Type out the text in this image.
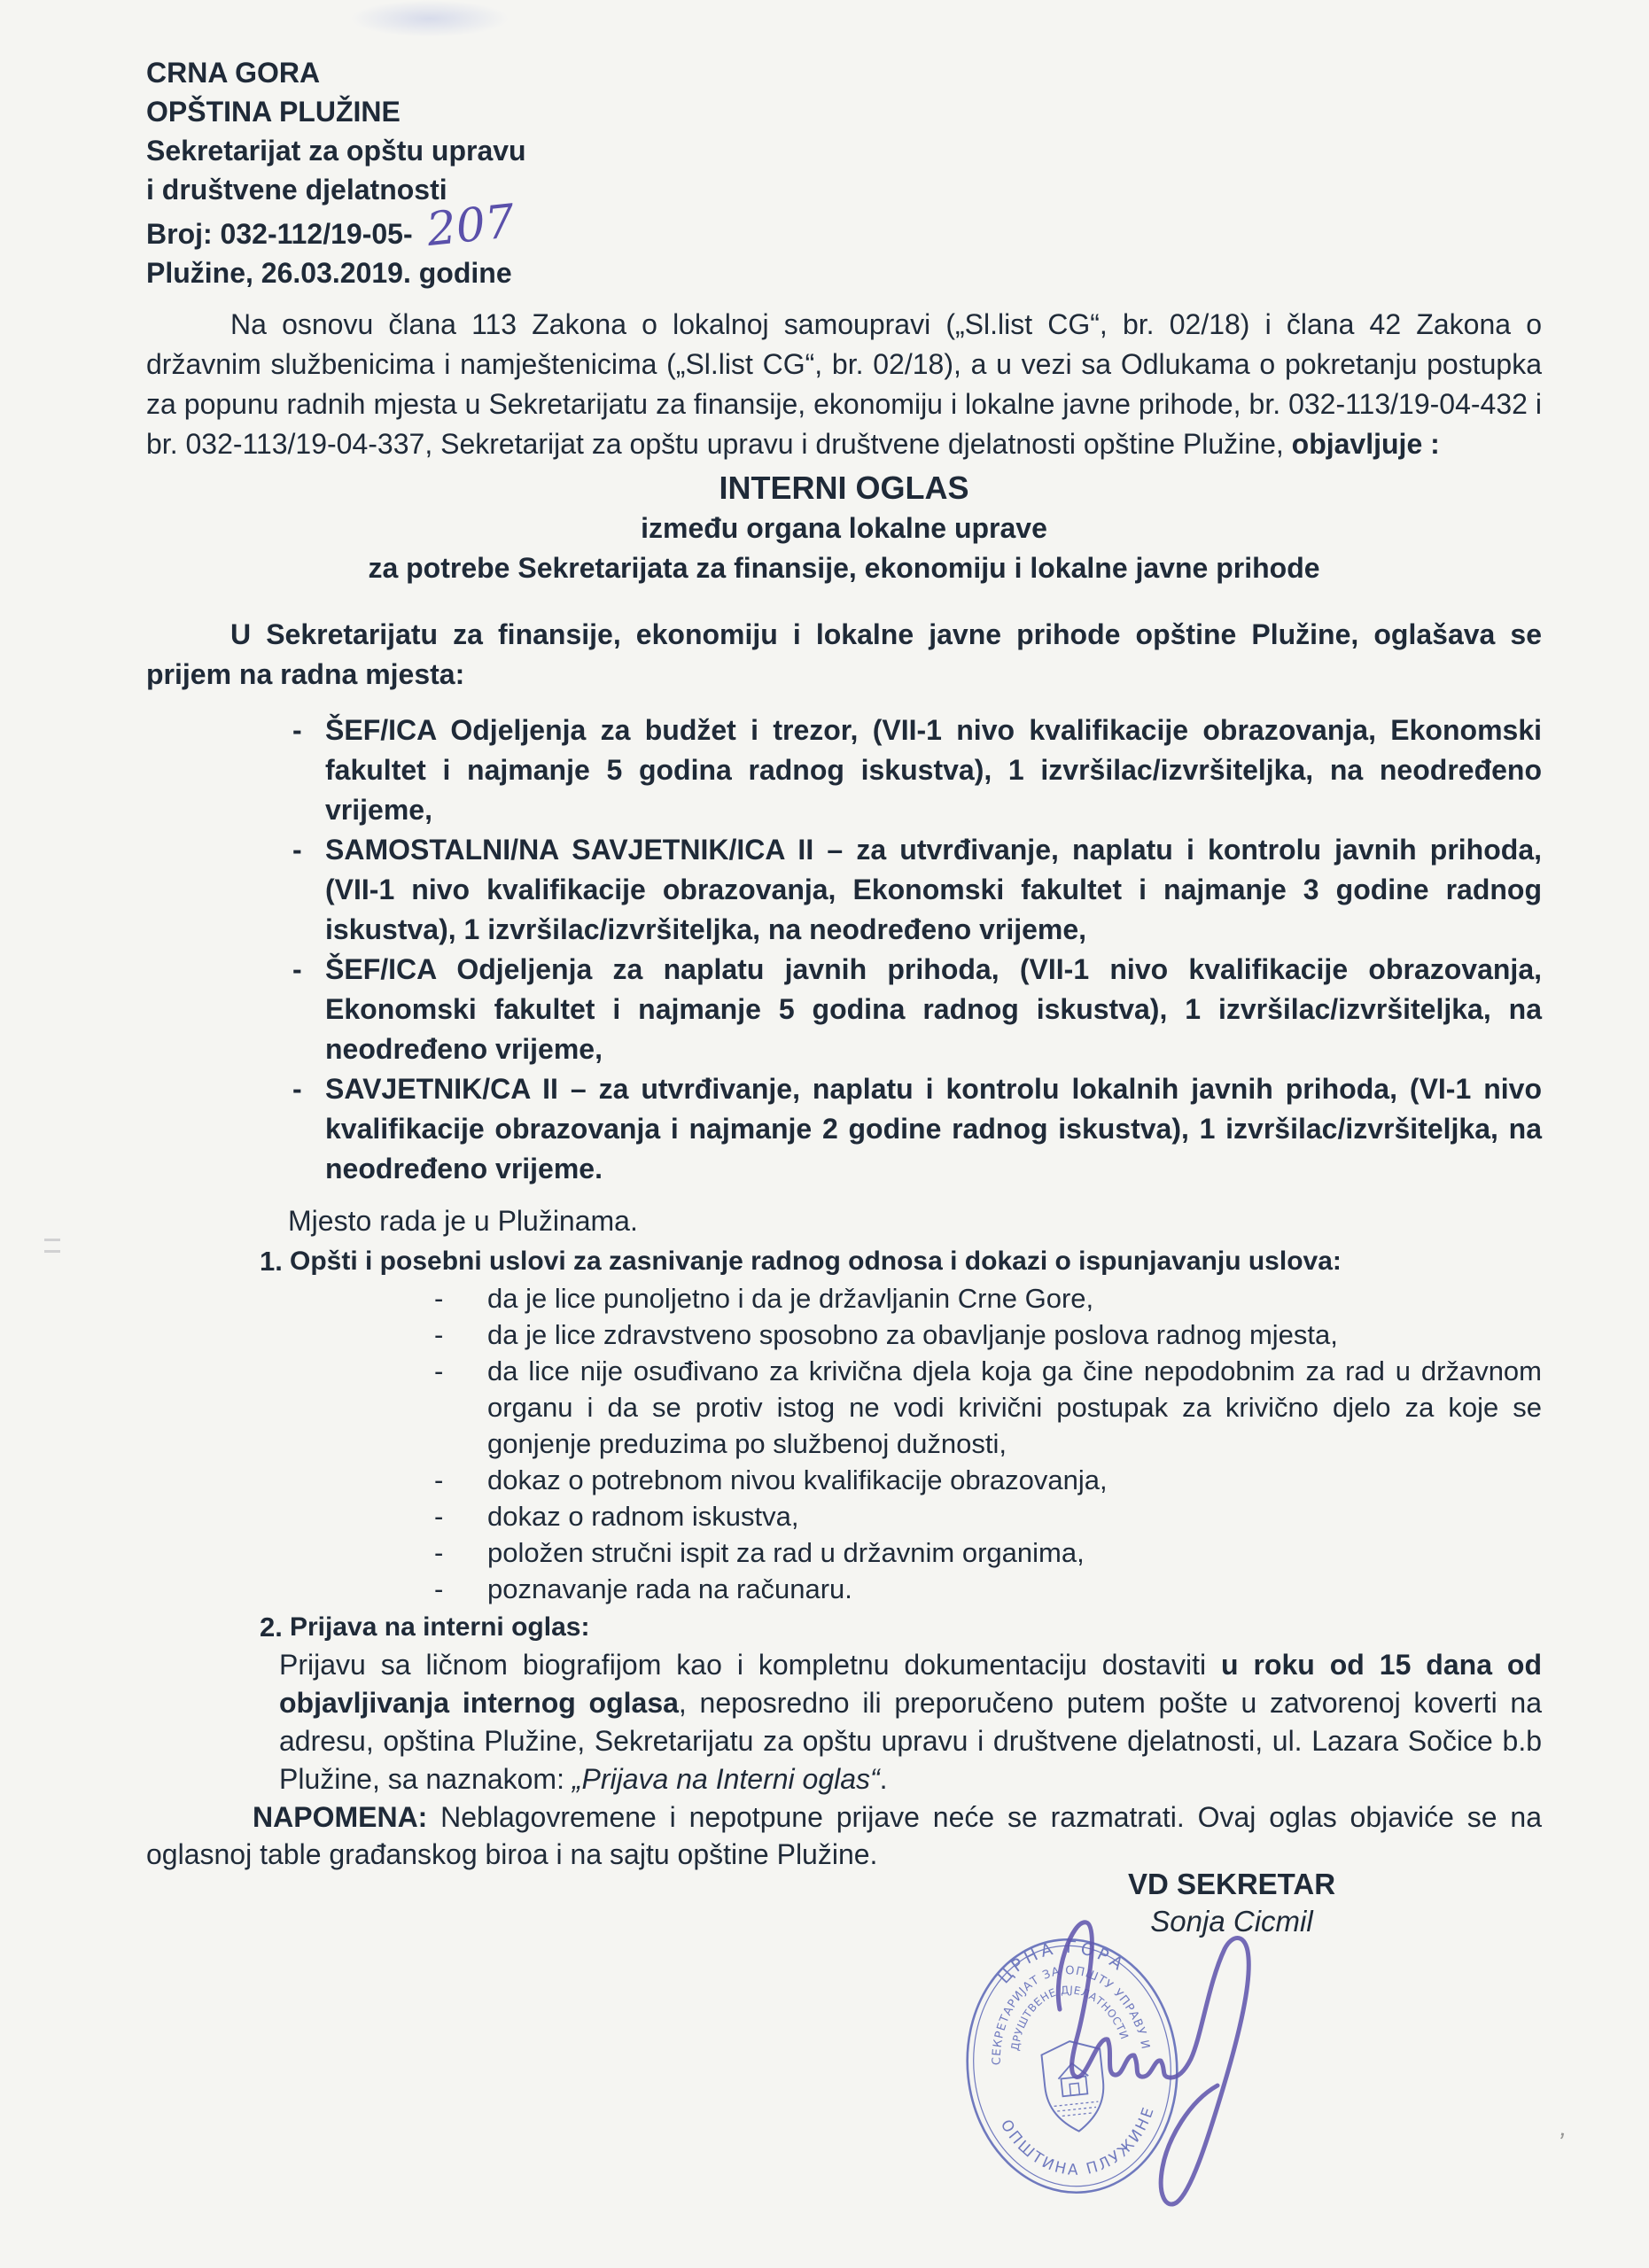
CRNA GORA
OPŠTINA PLUŽINE
Sekretarijat za opštu upravu
i društvene djelatnosti
Broj: 032-112/19-05- 207
Plužine, 26.03.2019. godine

Na osnovu člana 113 Zakona o lokalnoj samoupravi („Sl.list CG“, br. 02/18) i člana 42 Zakona o državnim službenicima i namještenicima („Sl.list CG“, br. 02/18), a u vezi sa Odlukama o pokretanju postupka za popunu radnih mjesta u Sekretarijatu za finansije, ekonomiju i lokalne javne prihode, br. 032-113/19-04-432 i br. 032-113/19-04-337, Sekretarijat za opštu upravu i društvene djelatnosti opštine Plužine, objavljuje :

INTERNI OGLAS
između organa lokalne uprave
za potrebe Sekretarijata za finansije, ekonomiju i lokalne javne prihode

U Sekretarijatu za finansije, ekonomiju i lokalne javne prihode opštine Plužine, oglašava se prijem na radna mjesta:

- ŠEF/ICA Odjeljenja za budžet i trezor, (VII-1 nivo kvalifikacije obrazovanja, Ekonomski fakultet i najmanje 5 godina radnog iskustva), 1 izvršilac/izvršiteljka, na neodređeno vrijeme,
- SAMOSTALNI/NA SAVJETNIK/ICA II – za utvrđivanje, naplatu i kontrolu javnih prihoda, (VII-1 nivo kvalifikacije obrazovanja, Ekonomski fakultet i najmanje 3 godine radnog iskustva), 1 izvršilac/izvršiteljka, na neodređeno vrijeme,
- ŠEF/ICA Odjeljenja za naplatu javnih prihoda, (VII-1 nivo kvalifikacije obrazovanja, Ekonomski fakultet i najmanje 5 godina radnog iskustva), 1 izvršilac/izvršiteljka, na neodređeno vrijeme,
- SAVJETNIK/CA II – za utvrđivanje, naplatu i kontrolu lokalnih javnih prihoda, (VI-1 nivo kvalifikacije obrazovanja i najmanje 2 godine radnog iskustva), 1 izvršilac/izvršiteljka, na neodređeno vrijeme.
Mjesto rada je u Plužinama.
1. Opšti i posebni uslovi za zasnivanje radnog odnosa i dokazi o ispunjavanju uslova:
- da je lice punoljetno i da je državljanin Crne Gore,
- da je lice zdravstveno sposobno za obavljanje poslova radnog mjesta,
- da lice nije osuđivano za krivična djela koja ga čine nepodobnim za rad u državnom organu i da se protiv istog ne vodi krivični postupak za krivično djelo za koje se gonjenje preduzima po službenoj dužnosti,
- dokaz o potrebnom nivou kvalifikacije obrazovanja,
- dokaz o radnom iskustva,
- položen stručni ispit za rad u državnim organima,
- poznavanje rada na računaru.
2. Prijava na interni oglas:

Prijavu sa ličnom biografijom kao i kompletnu dokumentaciju dostaviti u roku od 15 dana od objavljivanja internog oglasa, neposredno ili preporučeno putem pošte u zatvorenoj koverti na adresu, opština Plužine, Sekretarijatu za opštu upravu i društvene djelatnosti, ul. Lazara Sočice b.b Plužine, sa naznakom: „Prijava na Interni oglas“.

NAPOMENA: Neblagovremene i nepotpune prijave neće se razmatrati. Ovaj oglas objaviće se na oglasnoj table građanskog biroa i na sajtu opštine Plužine.

VD SEKRETAR
Sonja Cicmil
ЦРНА ГОРА
СЕКРЕТАРИЈАТ ЗА ОПШТУ УПРАВУ И
ДРУШТВЕНЕ ДЈЕЛАТНОСТИ
ОПШТИНА ПЛУЖИНЕ
’
